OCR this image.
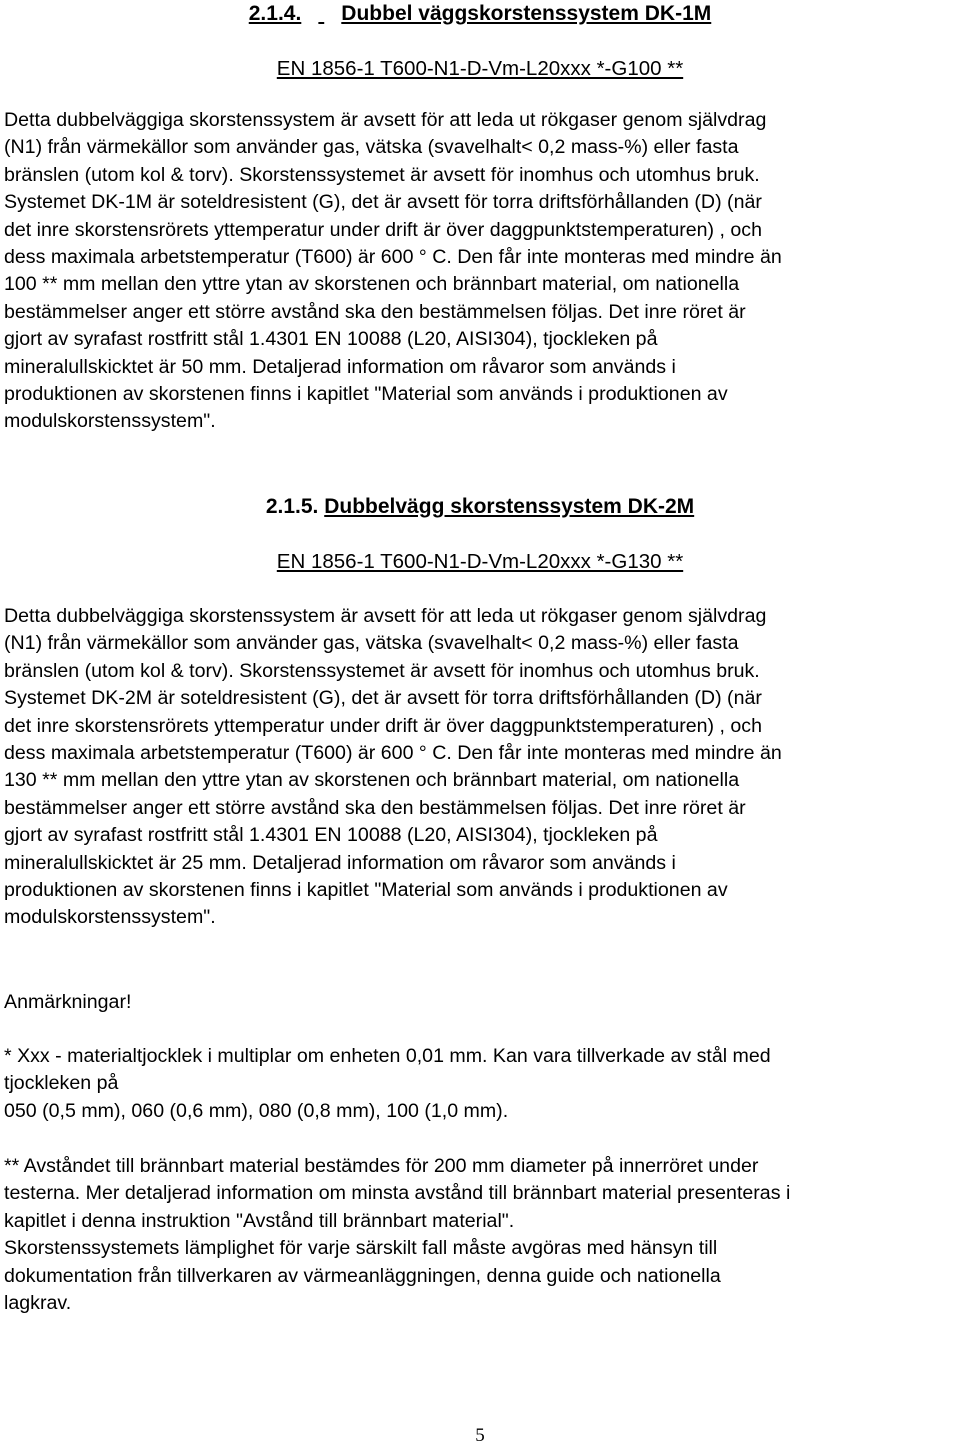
2.1.4. Dubbel väggskorstenssystem DK-1M
EN 1856-1 T600-N1-D-Vm-L20xxx *-G100 **
Detta dubbelväggiga skorstenssystem är avsett för att leda ut rökgaser genom självdrag
(N1) från värmekällor som använder gas, vätska (svavelhalt< 0,2 mass-%) eller fasta
bränslen (utom kol & torv). Skorstenssystemet är avsett för inomhus och utomhus bruk.
Systemet DK-1M är soteldresistent (G), det är avsett för torra driftsförhållanden (D) (när
det inre skorstensrörets yttemperatur under drift är över daggpunktstemperaturen) , och
dess maximala arbetstemperatur (T600) är 600 ° C. Den får inte monteras med mindre än
100 ** mm mellan den yttre ytan av skorstenen och brännbart material, om nationella
bestämmelser anger ett större avstånd ska den bestämmelsen följas. Det inre röret är
gjort av syrafast rostfritt stål 1.4301 EN 10088 (L20, AISI304), tjockleken på
mineralullskicktet är 50 mm. Detaljerad information om råvaror som används i
produktionen av skorstenen finns i kapitlet "Material som används i produktionen av
modulskorstenssystem".
2.1.5. Dubbelvägg skorstenssystem DK-2M
EN 1856-1 T600-N1-D-Vm-L20xxx *-G130 **
Detta dubbelväggiga skorstenssystem är avsett för att leda ut rökgaser genom självdrag
(N1) från värmekällor som använder gas, vätska (svavelhalt< 0,2 mass-%) eller fasta
bränslen (utom kol & torv). Skorstenssystemet är avsett för inomhus och utomhus bruk.
Systemet DK-2M är soteldresistent (G), det är avsett för torra driftsförhållanden (D) (när
det inre skorstensrörets yttemperatur under drift är över daggpunktstemperaturen) , och
dess maximala arbetstemperatur (T600) är 600 ° C. Den får inte monteras med mindre än
130 ** mm mellan den yttre ytan av skorstenen och brännbart material, om nationella
bestämmelser anger ett större avstånd ska den bestämmelsen följas. Det inre röret är
gjort av syrafast rostfritt stål 1.4301 EN 10088 (L20, AISI304), tjockleken på
mineralullskicktet är 25 mm. Detaljerad information om råvaror som används i
produktionen av skorstenen finns i kapitlet "Material som används i produktionen av
modulskorstenssystem".
Anmärkningar!
* Xxx - materialtjocklek i multiplar om enheten 0,01 mm. Kan vara tillverkade av stål med
tjockleken på
050 (0,5 mm), 060 (0,6 mm), 080 (0,8 mm), 100 (1,0 mm).
** Avståndet till brännbart material bestämdes för 200 mm diameter på innerröret under
testerna. Mer detaljerad information om minsta avstånd till brännbart material presenteras i
kapitlet i denna instruktion "Avstånd till brännbart material".
Skorstenssystemets lämplighet för varje särskilt fall måste avgöras med hänsyn till
dokumentation från tillverkaren av värmeanläggningen, denna guide och nationella
lagkrav.
5
